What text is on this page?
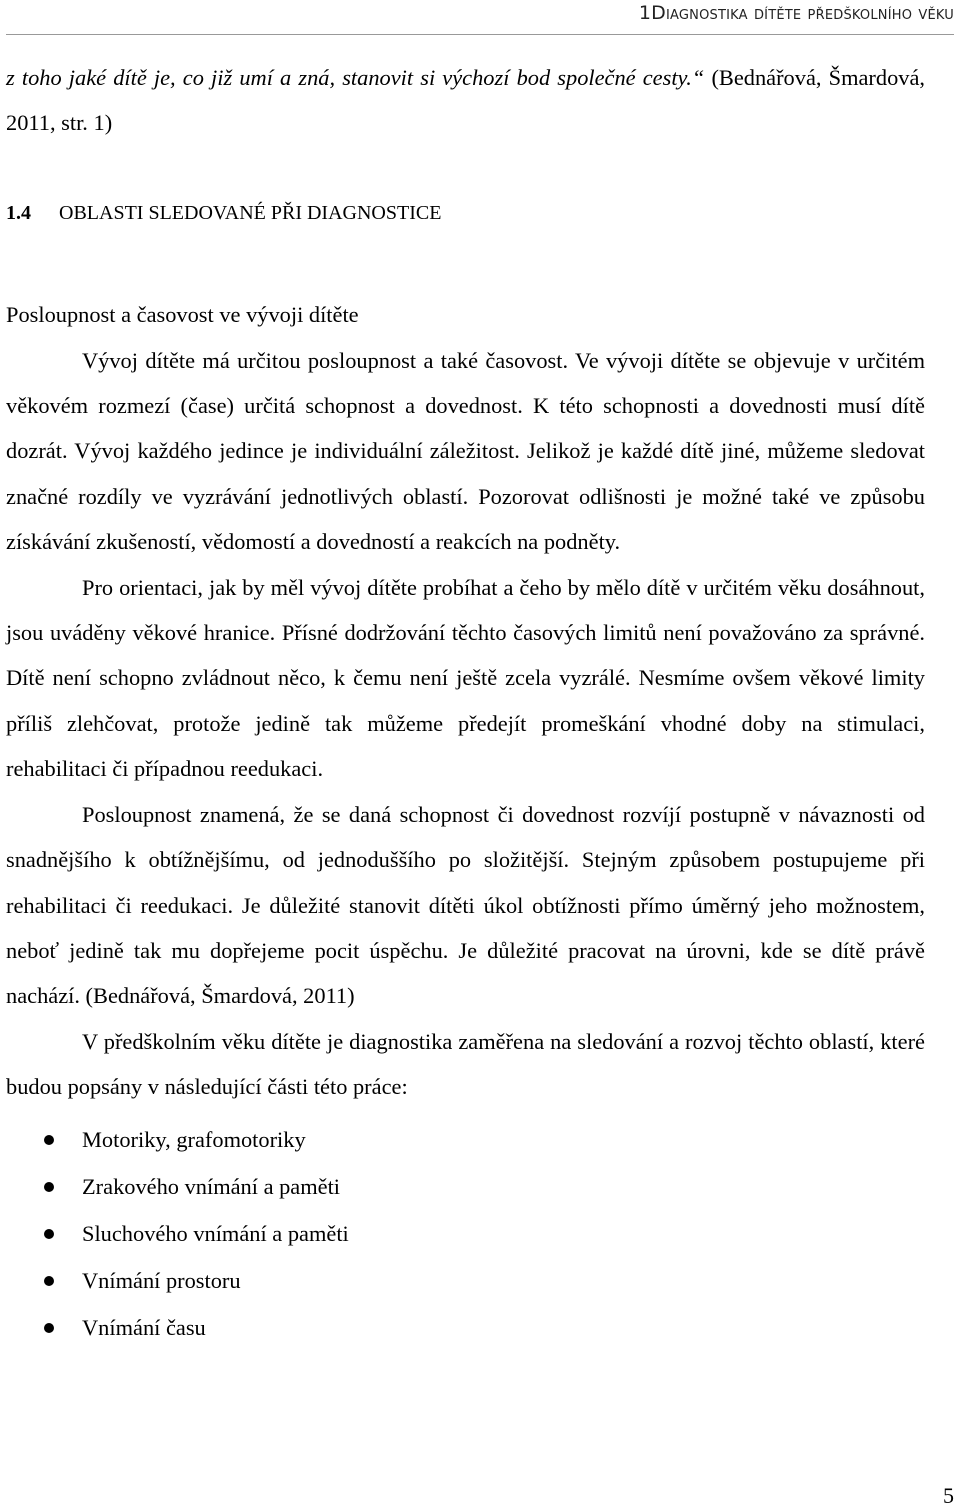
1Diagnostika dítěte předškolního věku

z toho jaké dítě je, co již umí a zná, stanovit si výchozí bod společné cesty.“ (Bednářová, Šmardová, 2011, str. 1)

1.4 OBLASTI SLEDOVANÉ PŘI DIAGNOSTICE

Posloupnost a časovost ve vývoji dítěte

Vývoj dítěte má určitou posloupnost a také časovost. Ve vývoji dítěte se objevuje v určitém věkovém rozmezí (čase) určitá schopnost a dovednost. K této schopnosti a dovednosti musí dítě dozrát. Vývoj každého jedince je individuální záležitost. Jelikož je každé dítě jiné, můžeme sledovat značné rozdíly ve vyzrávání jednotlivých oblastí. Pozorovat odlišnosti je možné také ve způsobu získávání zkušeností, vědomostí a dovedností a reakcích na podněty.

Pro orientaci, jak by měl vývoj dítěte probíhat a čeho by mělo dítě v určitém věku dosáhnout, jsou uváděny věkové hranice. Přísné dodržování těchto časových limitů není považováno za správné. Dítě není schopno zvládnout něco, k čemu není ještě zcela vyzrálé. Nesmíme ovšem věkové limity příliš zlehčovat, protože jedině tak můžeme předejít promeškání vhodné doby na stimulaci, rehabilitaci či případnou reedukaci.

Posloupnost znamená, že se daná schopnost či dovednost rozvíjí postupně v návaznosti od snadnějšího k obtížnějšímu, od jednoduššího po složitější. Stejným způsobem postupujeme při rehabilitaci či reedukaci. Je důležité stanovit dítěti úkol obtížnosti přímo úměrný jeho možnostem, neboť jedině tak mu dopřejeme pocit úspěchu. Je důležité pracovat na úrovni, kde se dítě právě nachází. (Bednářová, Šmardová, 2011)

V předškolním věku dítěte je diagnostika zaměřena na sledování a rozvoj těchto oblastí, které budou popsány v následující části této práce:

Motoriky, grafomotoriky
Zrakového vnímání a paměti
Sluchového vnímání a paměti
Vnímání prostoru
Vnímání času
5
